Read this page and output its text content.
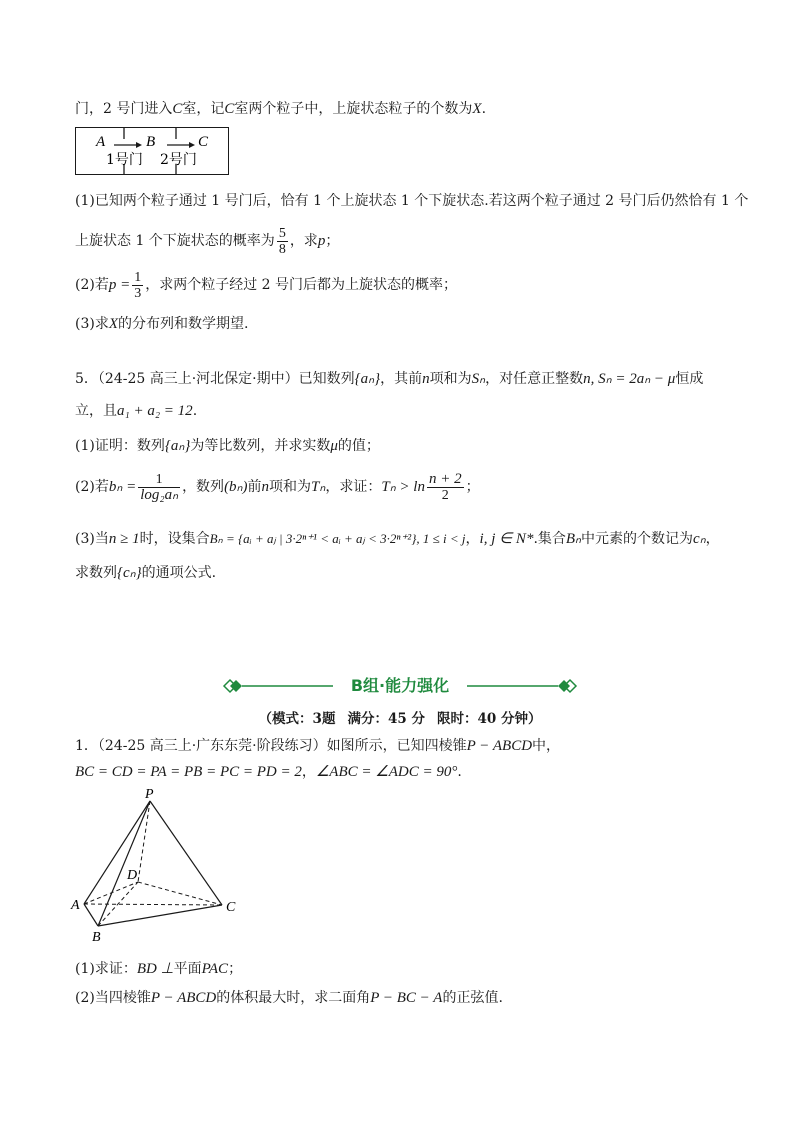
门，2 号门进入C室，记C室两个粒子中，上旋状态粒子的个数为X.
A	B	C
1号门 2号门
(1)已知两个粒子通过 1 号门后，恰有 1 个上旋状态 1 个下旋状态.若这两个粒子通过 2 号门后仍然恰有 1 个
上旋状态 1 个下旋状态的概率为 $\frac{5}{8}$ ，求p；
(2)若$p = \frac{1}{3}$ ，求两个粒子经过 2 号门后都为上旋状态的概率；
(3)求X的分布列和数学期望.
5．（24-25 高三上·河北保定·期中）已知数列{aₙ}，其前n项和为Sₙ，对任意正整数n, Sₙ = 2aₙ − μ恒成
立，且a₁ + a₂ = 12.
(1)证明：数列{aₙ}为等比数列，并求实数μ的值；
(2)若$b_n = \frac{1}{\text{log₂aₙ}}$ ，数列(bₙ)前n项和为Tₙ，求证：$T_n > \ln \frac{n + 2}{2}$ ；
(3)当n ≥ 1时，设集合Bₙ = {aᵢ + aⱼ | 3·2ⁿ⁺¹ < aᵢ + aⱼ < 3·2ⁿ⁺²}, 1 ≤ i < j，i, j ∈ N*.集合Bₙ中元素的个数记为cₙ，
求数列{cₙ}的通项公式.
B组·能力强化
（模式：3题 满分：45 分 限时：40 分钟）
1．（24-25 高三上·广东东莞·阶段练习）如图所示，已知四棱锥P − ABCD中，
BC = CD = PA = PB = PC = PD = 2，∠ABC = ∠ADC = 90°.
P
D
A	C
B
(1)求证：BD ⊥平面PAC；
(2)当四棱锥P − ABCD的体积最大时，求二面角P − BC − A的正弦值.
